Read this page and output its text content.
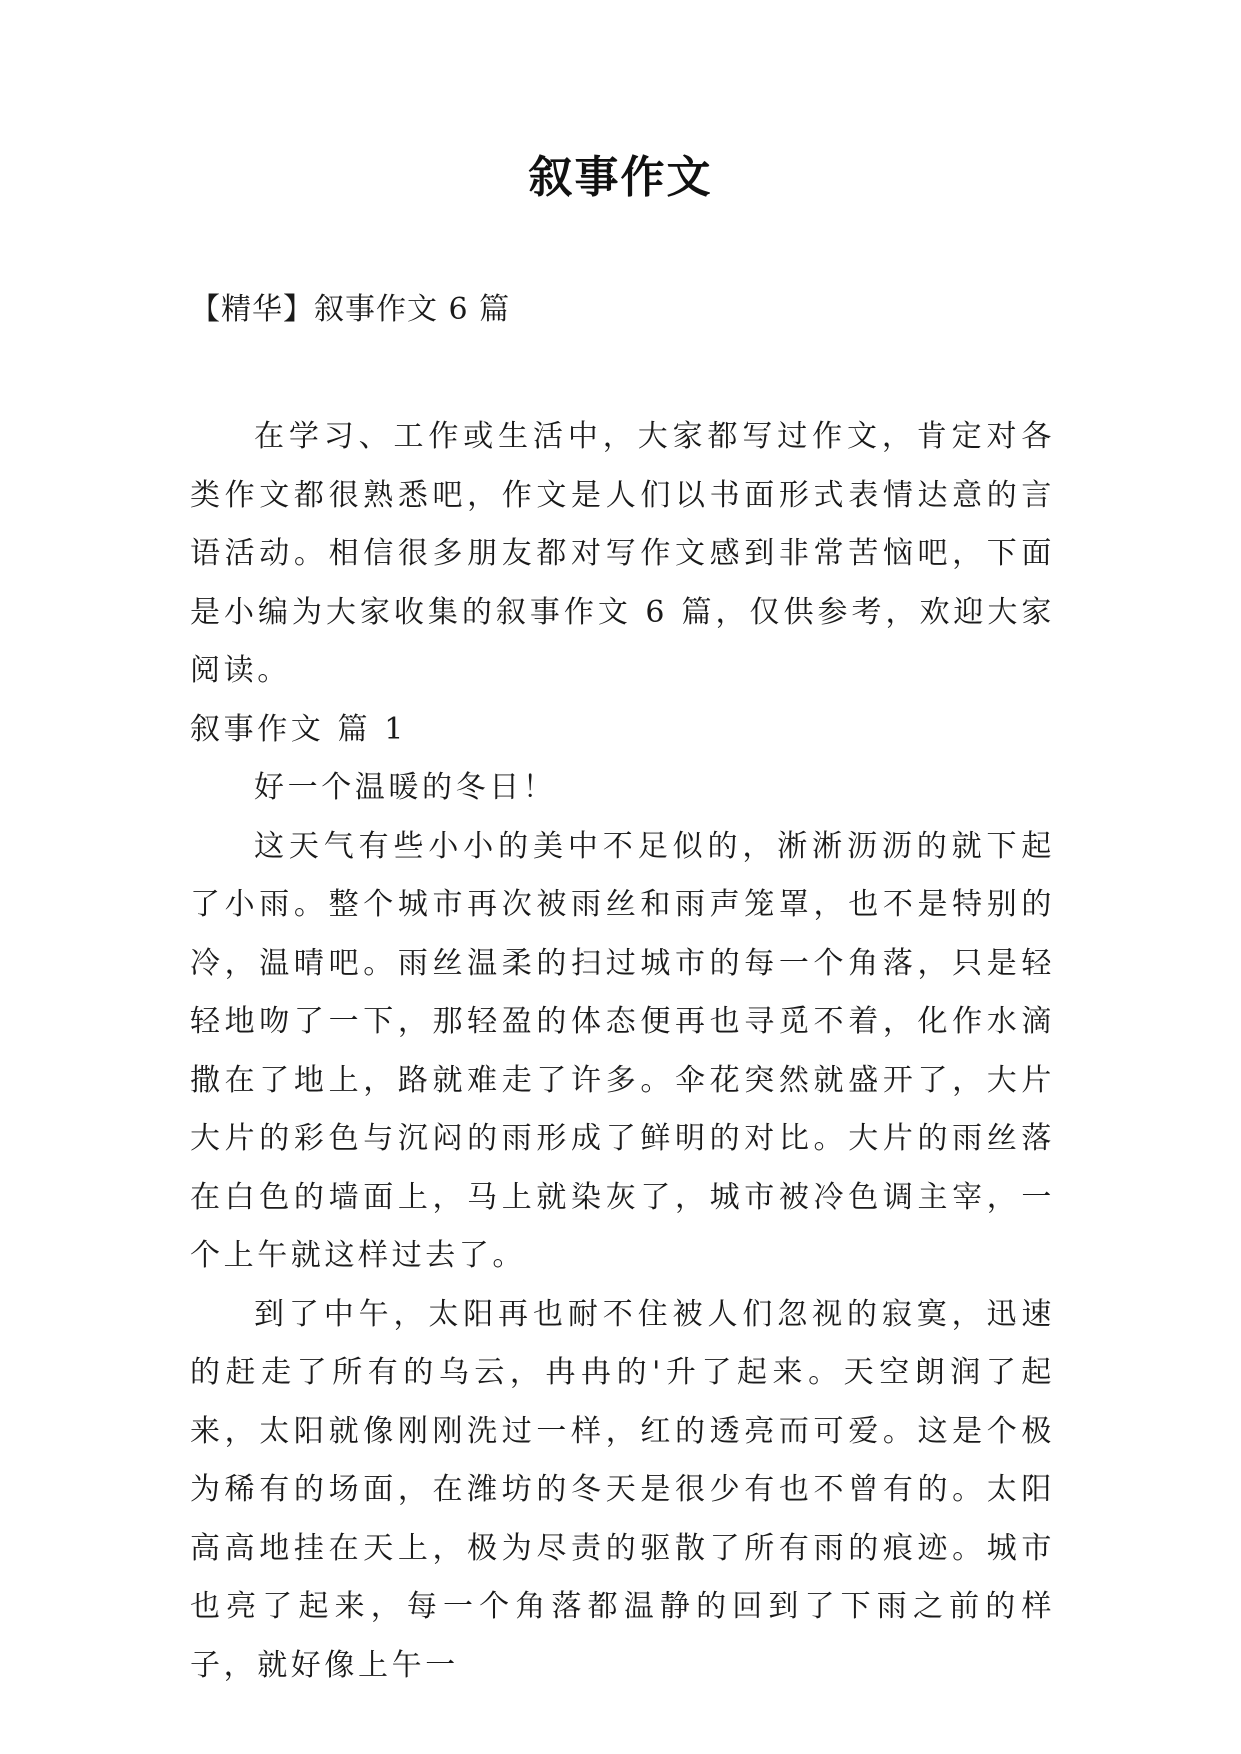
叙事作文
【精华】叙事作文 6 篇

在学习、工作或生活中，大家都写过作文，肯定对各类作文都很熟悉吧，作文是人们以书面形式表情达意的言语活动。相信很多朋友都对写作文感到非常苦恼吧，下面是小编为大家收集的叙事作文 6 篇，仅供参考，欢迎大家阅读。

叙事作文 篇 1

好一个温暖的冬日！

这天气有些小小的美中不足似的，淅淅沥沥的就下起了小雨。整个城市再次被雨丝和雨声笼罩，也不是特别的冷，温晴吧。雨丝温柔的扫过城市的每一个角落，只是轻轻地吻了一下，那轻盈的体态便再也寻觅不着，化作水滴撒在了地上，路就难走了许多。伞花突然就盛开了，大片大片的彩色与沉闷的雨形成了鲜明的对比。大片的雨丝落在白色的墙面上，马上就染灰了，城市被冷色调主宰，一个上午就这样过去了。

到了中午，太阳再也耐不住被人们忽视的寂寞，迅速的赶走了所有的乌云，冉冉的'升了起来。天空朗润了起来，太阳就像刚刚洗过一样，红的透亮而可爱。这是个极为稀有的场面，在潍坊的冬天是很少有也不曾有的。太阳高高地挂在天上，极为尽责的驱散了所有雨的痕迹。城市也亮了起来，每一个角落都温静的回到了下雨之前的样子，就好像上午一
